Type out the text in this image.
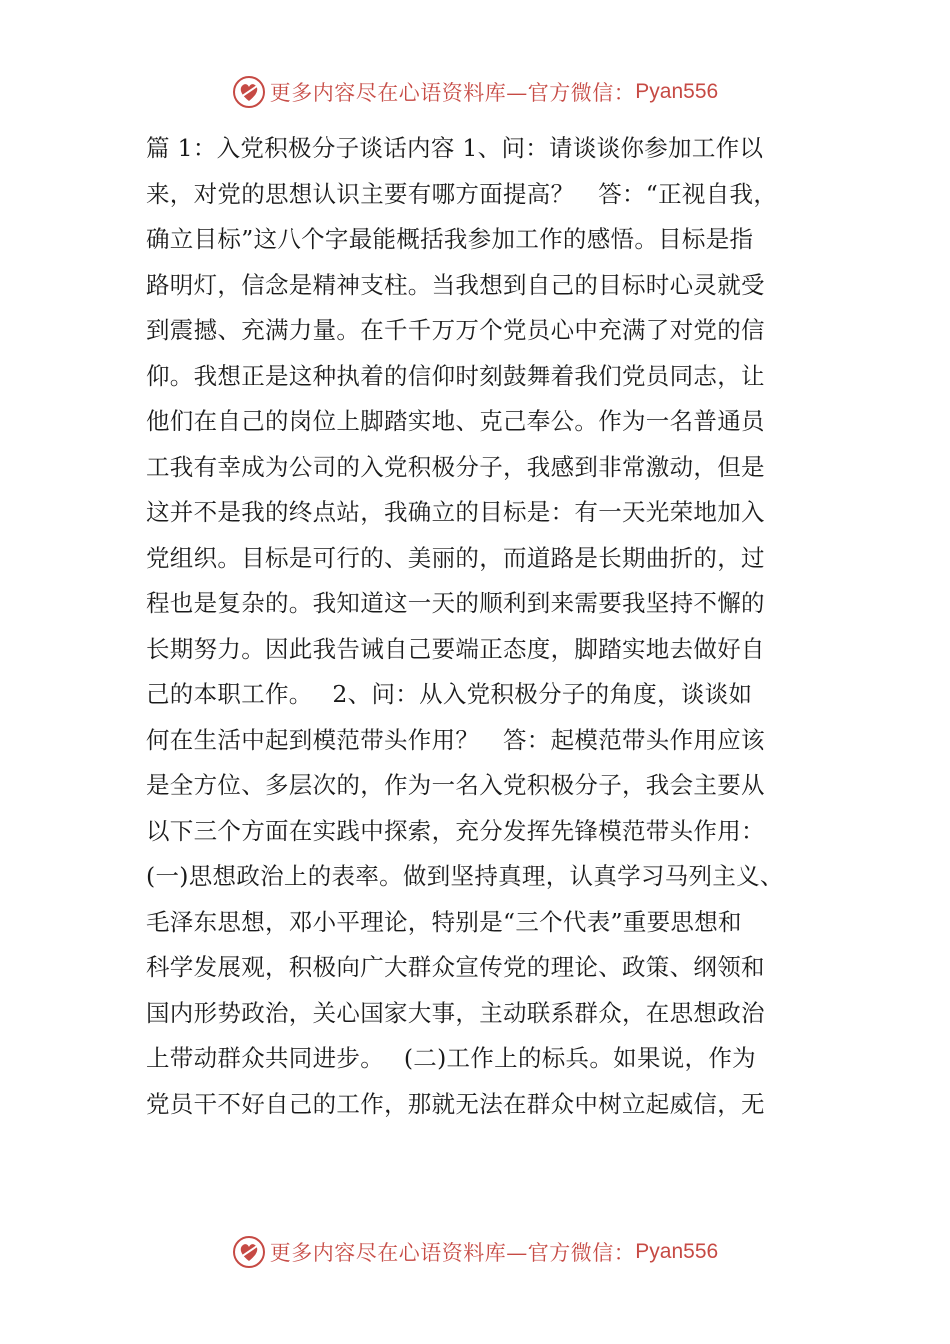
更多内容尽在心语资料库—官方微信： Pyan556
篇 1：入党积极分子谈话内容 1、问：请谈谈你参加工作以
来，对党的思想认识主要有哪方面提高？　答：“正视自我，
确立目标”这八个字最能概括我参加工作的感悟。目标是指
路明灯，信念是精神支柱。当我想到自己的目标时心灵就受
到震撼、充满力量。在千千万万个党员心中充满了对党的信
仰。我想正是这种执着的信仰时刻鼓舞着我们党员同志，让
他们在自己的岗位上脚踏实地、克己奉公。作为一名普通员
工我有幸成为公司的入党积极分子，我感到非常激动，但是
这并不是我的终点站，我确立的目标是：有一天光荣地加入
党组织。目标是可行的、美丽的，而道路是长期曲折的，过
程也是复杂的。我知道这一天的顺利到来需要我坚持不懈的
长期努力。因此我告诫自己要端正态度，脚踏实地去做好自
己的本职工作。　 2、问：从入党积极分子的角度，谈谈如
何在生活中起到模范带头作用？　答：起模范带头作用应该
是全方位、多层次的，作为一名入党积极分子，我会主要从
以下三个方面在实践中探索，充分发挥先锋模范带头作用：
(一)思想政治上的表率。做到坚持真理，认真学习马列主义、
毛泽东思想，邓小平理论，特别是“三个代表”重要思想和
科学发展观，积极向广大群众宣传党的理论、政策、纲领和
国内形势政治，关心国家大事，主动联系群众，在思想政治
上带动群众共同进步。　 (二)工作上的标兵。如果说，作为
党员干不好自己的工作，那就无法在群众中树立起威信，无
更多内容尽在心语资料库—官方微信： Pyan556
